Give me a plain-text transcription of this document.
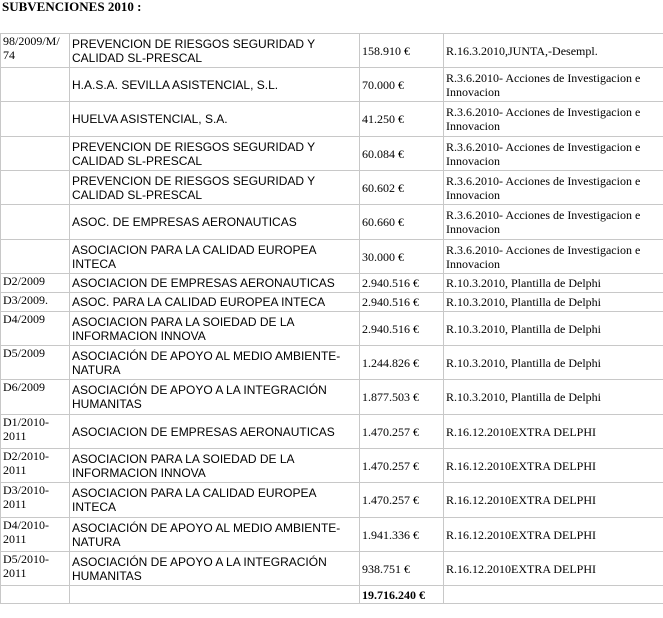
SUBVENCIONES 2010 :
98/2009/M/ 74	PREVENCION DE RIESGOS SEGURIDAD Y CALIDAD SL-PRESCAL	158.910 €	R.16.3.2010,JUNTA,-Desempl.
	H.A.S.A. SEVILLA ASISTENCIAL, S.L.	70.000 €	R.3.6.2010- Acciones de Investigacion e Innovacion
	HUELVA ASISTENCIAL, S.A.	41.250 €	R.3.6.2010- Acciones de Investigacion e Innovacion
	PREVENCION DE RIESGOS SEGURIDAD Y CALIDAD SL-PRESCAL	60.084 €	R.3.6.2010- Acciones de Investigacion e Innovacion
	PREVENCION DE RIESGOS SEGURIDAD Y CALIDAD SL-PRESCAL	60.602 €	R.3.6.2010- Acciones de Investigacion e Innovacion
	ASOC. DE EMPRESAS AERONAUTICAS	60.660 €	R.3.6.2010- Acciones de Investigacion e Innovacion
	ASOCIACION PARA LA CALIDAD EUROPEA INTECA	30.000 €	R.3.6.2010- Acciones de Investigacion e Innovacion
D2/2009	ASOCIACION DE EMPRESAS AERONAUTICAS	2.940.516 €	R.10.3.2010, Plantilla de Delphi
D3/2009.	ASOC. PARA LA CALIDAD EUROPEA INTECA	2.940.516 €	R.10.3.2010, Plantilla de Delphi
D4/2009	ASOCIACION PARA LA SOIEDAD DE LA INFORMACION INNOVA	2.940.516 €	R.10.3.2010, Plantilla de Delphi
D5/2009	ASOCIACIÓN DE APOYO AL MEDIO AMBIENTE-NATURA	1.244.826 €	R.10.3.2010, Plantilla de Delphi
D6/2009	ASOCIACIÓN DE APOYO A LA INTEGRACIÓN HUMANITAS	1.877.503 €	R.10.3.2010, Plantilla de Delphi
D1/2010-2011	ASOCIACION DE EMPRESAS AERONAUTICAS	1.470.257 €	R.16.12.2010EXTRA DELPHI
D2/2010-2011	ASOCIACION PARA LA SOIEDAD DE LA INFORMACION INNOVA	1.470.257 €	R.16.12.2010EXTRA DELPHI
D3/2010-2011	ASOCIACION PARA LA CALIDAD EUROPEA INTECA	1.470.257 €	R.16.12.2010EXTRA DELPHI
D4/2010-2011	ASOCIACIÓN DE APOYO AL MEDIO AMBIENTE-NATURA	1.941.336 €	R.16.12.2010EXTRA DELPHI
D5/2010-2011	ASOCIACIÓN DE APOYO A LA INTEGRACIÓN HUMANITAS	938.751 €	R.16.12.2010EXTRA DELPHI
		19.716.240 €	
